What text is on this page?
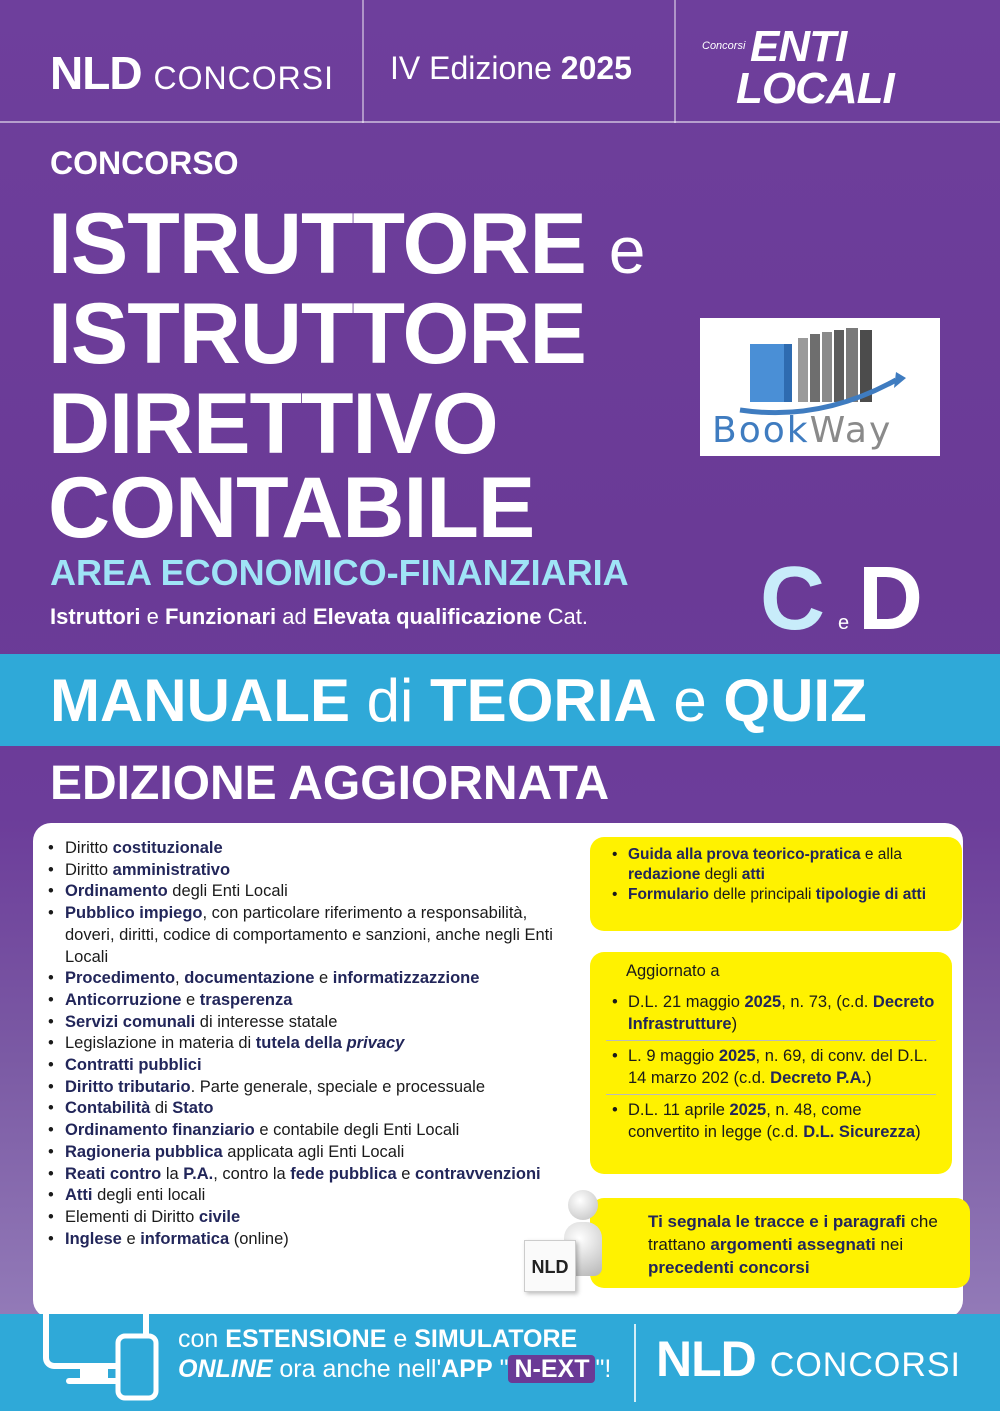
NLD CONCORSI IV Edizione 2025
Concorsi ENTI
LOCALI
CONCORSO
ISTRUTTORE e
ISTRUTTORE
DIRETTIVO
CONTABILE
AREA ECONOMICO-FINANZIARIA
Istruttori e Funzionari ad Elevata qualificazione Cat. C e D
BookWay
MANUALE di TEORIA e QUIZ
EDIZIONE AGGIORNATA
• Diritto costituzionale
• Diritto amministrativo
• Ordinamento degli Enti Locali
• Pubblico impiego, con particolare riferimento a responsabilità, doveri, diritti, codice di comportamento e sanzioni, anche negli Enti Locali
• Procedimento, documentazione e informatizzazzione
• Anticorruzione e trasperenza
• Servizi comunali di interesse statale
• Legislazione in materia di tutela della privacy
• Contratti pubblici
• Diritto tributario. Parte generale, speciale e processuale
• Contabilità di Stato
• Ordinamento finanziario e contabile degli Enti Locali
• Ragioneria pubblica applicata agli Enti Locali
• Reati contro la P.A., contro la fede pubblica e contravvenzioni
• Atti degli enti locali
• Elementi di Diritto civile
• Inglese e informatica (online)
• Guida alla prova teorico-pratica e alla redazione degli atti
• Formulario delle principali tipologie di atti
Aggiornato a
• D.L. 21 maggio 2025, n. 73, (c.d. Decreto Infrastrutture)
• L. 9 maggio 2025, n. 69, di conv. del D.L. 14 marzo 202 (c.d. Decreto P.A.)
• D.L. 11 aprile 2025, n. 48, come convertito in legge (c.d. D.L. Sicurezza)
Ti segnala le tracce e i paragrafi che trattano argomenti assegnati nei precedenti concorsi
NLD
con ESTENSIONE e SIMULATORE
ONLINE ora anche nell'APP " N-EXT "! NLD CONCORSI
